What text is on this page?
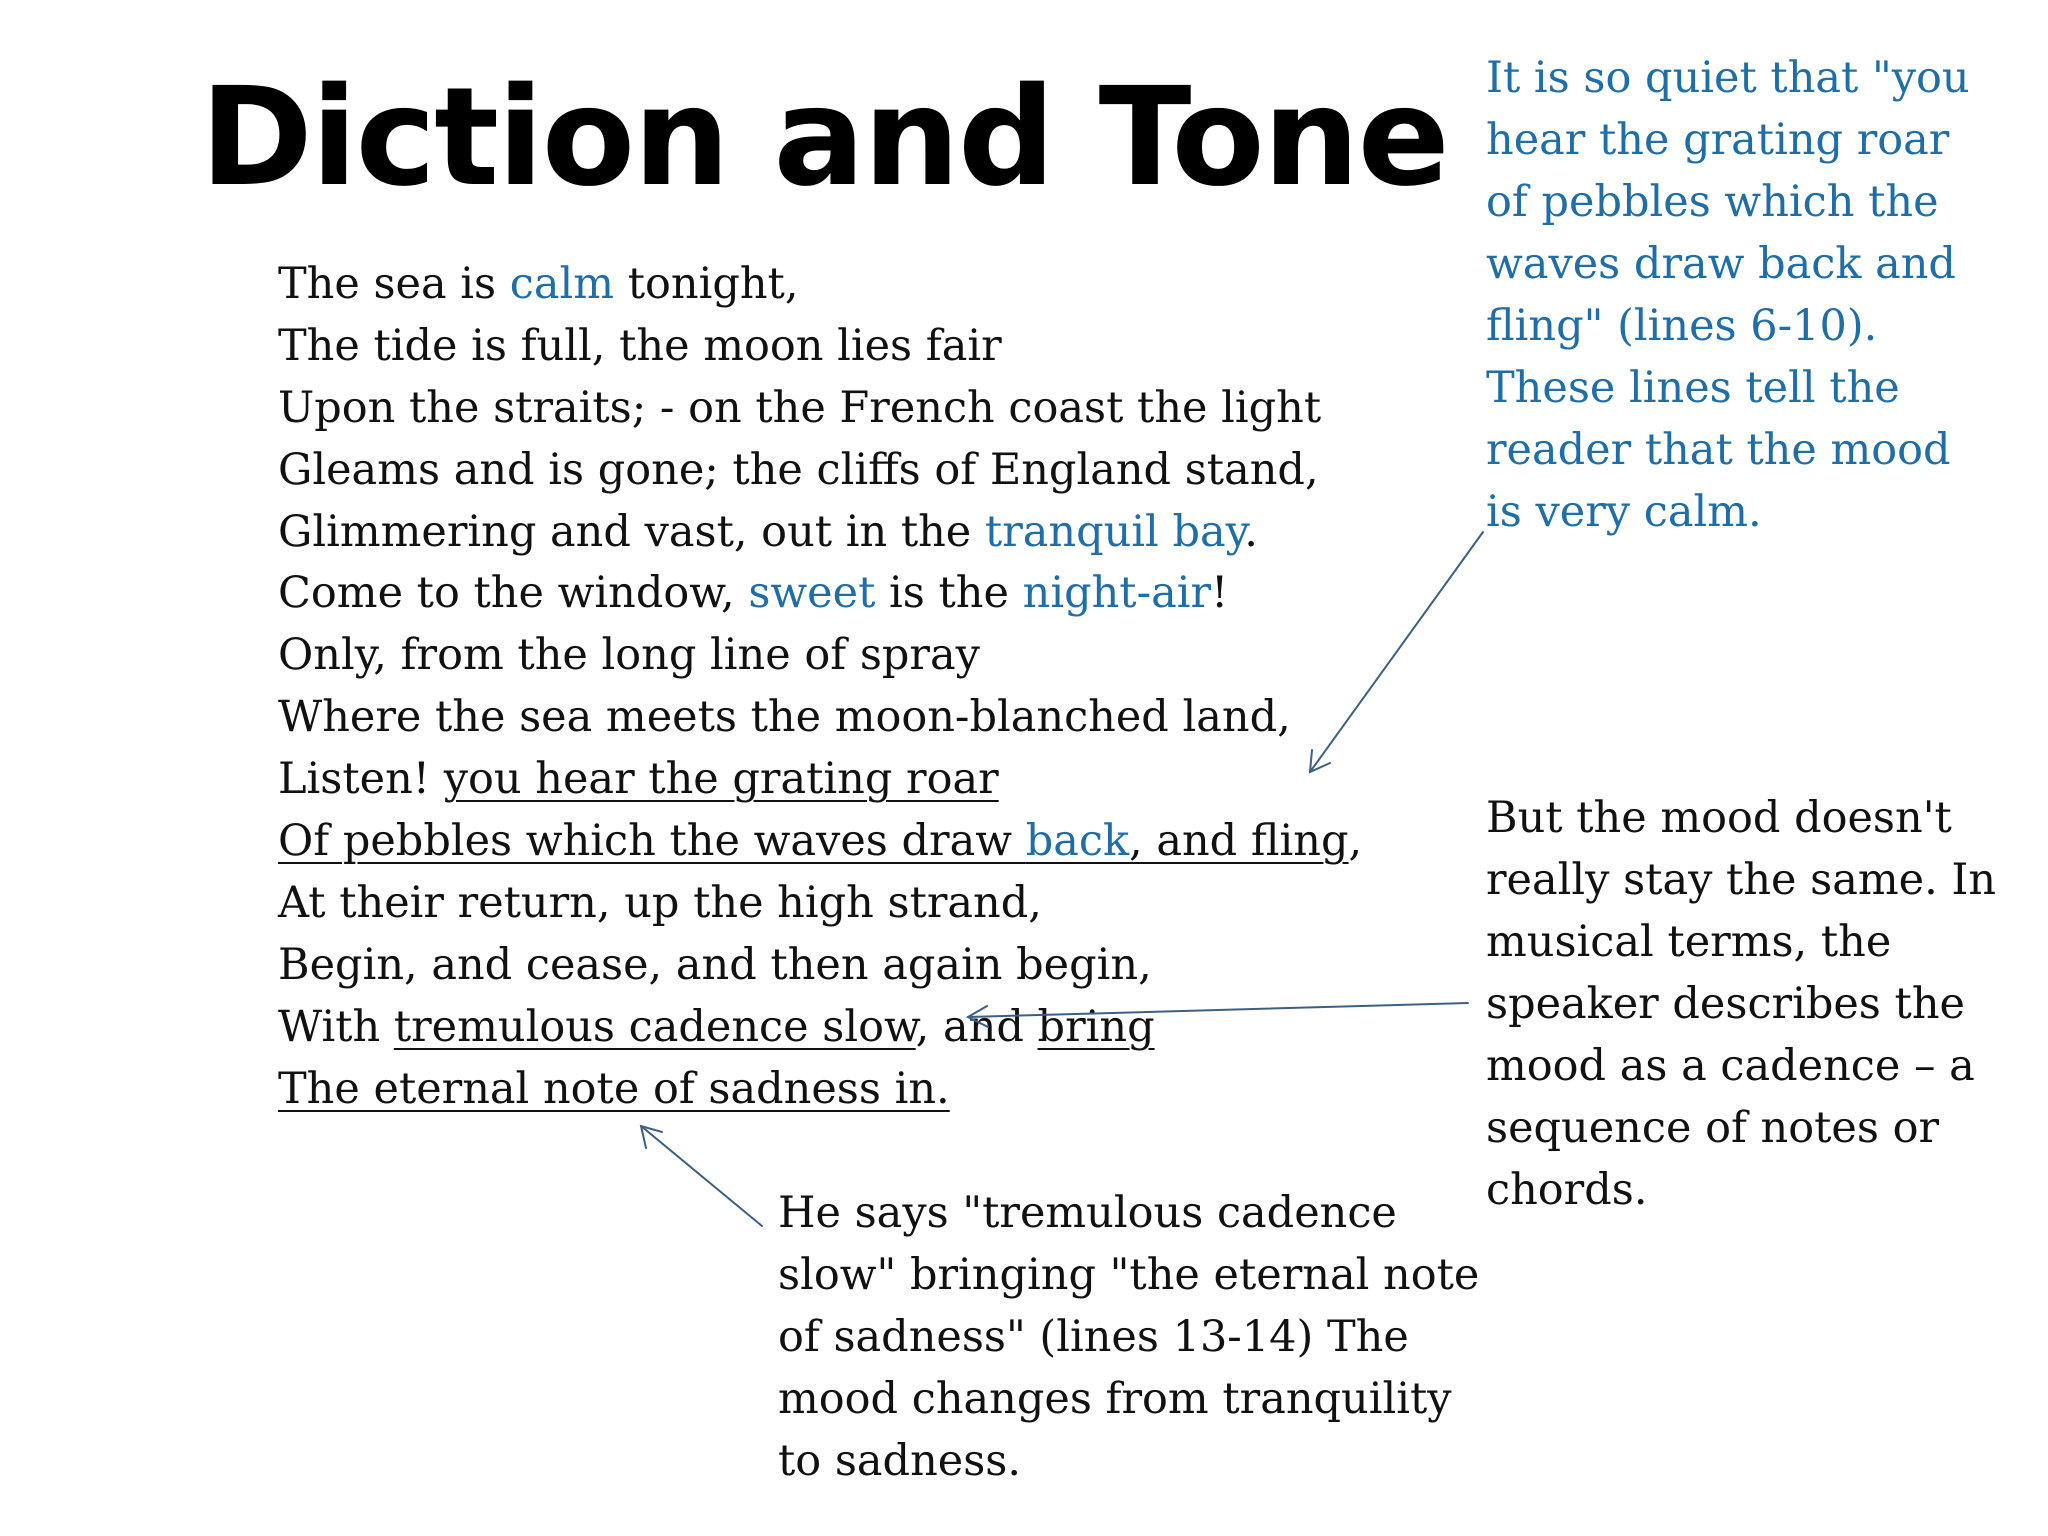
Diction and Tone
The sea is calm tonight,
The tide is full, the moon lies fair
Upon the straits; - on the French coast the light
Gleams and is gone; the cliffs of England stand,
Glimmering and vast, out in the tranquil bay.
Come to the window, sweet is the night-air!
Only, from the long line of spray
Where the sea meets the moon-blanched land,
Listen! you hear the grating roar
Of pebbles which the waves draw back, and fling,
At their return, up the high strand,
Begin, and cease, and then again begin,
With tremulous cadence slow, and bring
The eternal note of sadness in.
It is so quiet that "you
hear the grating roar
of pebbles which the
waves draw back and
fling" (lines 6-10).
These lines tell the
reader that the mood
is very calm.
But the mood doesn't
really stay the same. In
musical terms, the
speaker describes the
mood as a cadence – a
sequence of notes or
chords.
He says "tremulous cadence
slow" bringing "the eternal note
of sadness" (lines 13-14) The
mood changes from tranquility
to sadness.
